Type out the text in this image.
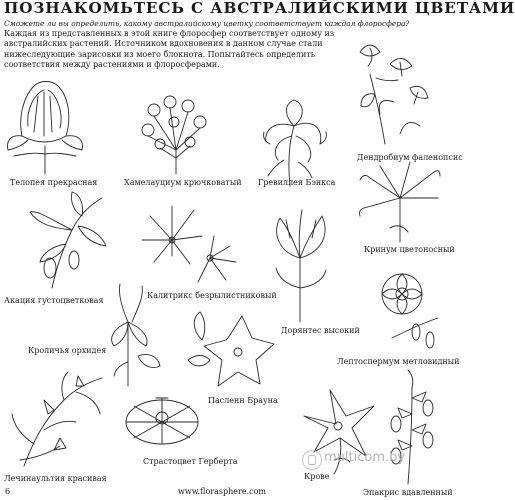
ПОЗНАКОМЬТЕСЬ С АВСТРАЛИЙСКИМИ ЦВЕТАМИ
Сможете ли вы определить, какому австралийскому цветку соответствует каждая флоросфера?
Каждая из представленных в этой книге флоросфер соответствует одному из австралийских растений. Источником вдохновения в данном случае стали нижеследующие зарисовки из моего блокнота. Попытайтесь определить соответствия между растениями и флоросферами.
Дендробиум фаленопсис
Телопея прекрасная	Хамелауциум крючковатый Гревиллея Бэнкса
Кринум цветоносный
Акация густоцветковая
Калитрикс безрылистниковый
Дорянтес высокий
Лептоспермум метловидный
Кроличья орхидея
Пасленн Брауна
Лечинаультия красивая
Страстоцвет Герберта
Крове
Эпакрис вдавленный
multicom.by
6	www.florasphere.com
